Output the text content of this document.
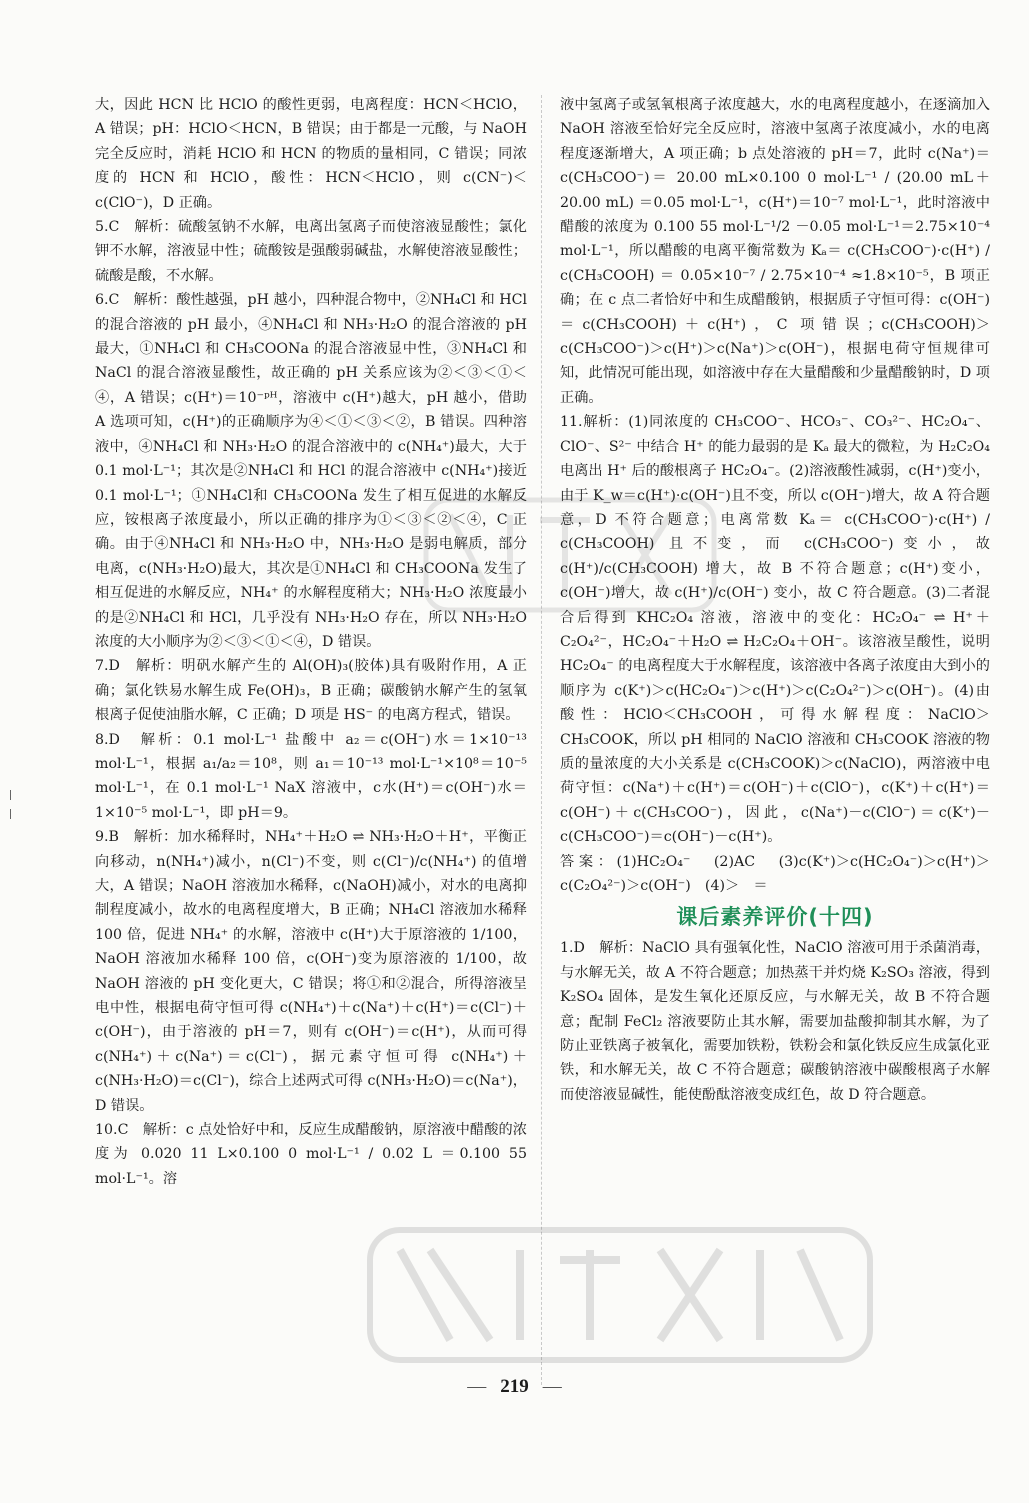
大，因此 HCN 比 HClO 的酸性更弱，电离程度：HCN＜HClO，A 错误；pH：HClO＜HCN，B 错误；由于都是一元酸，与 NaOH 完全反应时，消耗 HClO 和 HCN 的物质的量相同，C 错误；同浓度的 HCN 和 HClO，酸性：HCN＜HClO，则 c(CN⁻)＜c(ClO⁻)，D 正确。

5.C　解析：硫酸氢钠不水解，电离出氢离子而使溶液显酸性；氯化钾不水解，溶液显中性；硫酸铵是强酸弱碱盐，水解使溶液显酸性；硫酸是酸，不水解。

6.C　解析：酸性越强，pH 越小，四种混合物中，②NH₄Cl 和 HCl 的混合溶液的 pH 最小，④NH₄Cl 和 NH₃·H₂O 的混合溶液的 pH 最大，①NH₄Cl 和 CH₃COONa 的混合溶液显中性，③NH₄Cl 和 NaCl 的混合溶液显酸性，故正确的 pH 关系应该为②＜③＜①＜④，A 错误；c(H⁺)＝10⁻ᵖᴴ，溶液中 c(H⁺)越大，pH 越小，借助 A 选项可知，c(H⁺)的正确顺序为④＜①＜③＜②，B 错误。四种溶液中，④NH₄Cl 和 NH₃·H₂O 的混合溶液中的 c(NH₄⁺)最大，大于 0.1 mol·L⁻¹；其次是②NH₄Cl 和 HCl 的混合溶液中 c(NH₄⁺)接近 0.1 mol·L⁻¹；①NH₄Cl和 CH₃COONa 发生了相互促进的水解反应，铵根离子浓度最小，所以正确的排序为①＜③＜②＜④，C 正确。由于④NH₄Cl 和 NH₃·H₂O 中，NH₃·H₂O 是弱电解质，部分电离，c(NH₃·H₂O)最大，其次是①NH₄Cl 和 CH₃COONa 发生了相互促进的水解反应，NH₄⁺ 的水解程度稍大；NH₃·H₂O 浓度最小的是②NH₄Cl 和 HCl，几乎没有 NH₃·H₂O 存在，所以 NH₃·H₂O 浓度的大小顺序为②＜③＜①＜④，D 错误。

7.D　解析：明矾水解产生的 Al(OH)₃(胶体)具有吸附作用，A 正确；氯化铁易水解生成 Fe(OH)₃，B 正确；碳酸钠水解产生的氢氧根离子促使油脂水解，C 正确；D 项是 HS⁻ 的电离方程式，错误。

8.D　解析：0.1 mol·L⁻¹ 盐酸中 a₂＝c(OH⁻)水＝1×10⁻¹³ mol·L⁻¹，根据 a₁/a₂＝10⁸，则 a₁＝10⁻¹³ mol·L⁻¹×10⁸＝10⁻⁵ mol·L⁻¹，在 0.1 mol·L⁻¹ NaX 溶液中，c水(H⁺)＝c(OH⁻)水＝1×10⁻⁵ mol·L⁻¹，即 pH＝9。

9.B　解析：加水稀释时，NH₄⁺＋H₂O ⇌ NH₃·H₂O＋H⁺，平衡正向移动，n(NH₄⁺)减小，n(Cl⁻)不变，则 c(Cl⁻)/c(NH₄⁺) 的值增大，A 错误；NaOH 溶液加水稀释，c(NaOH)减小，对水的电离抑制程度减小，故水的电离程度增大，B 正确；NH₄Cl 溶液加水稀释 100 倍，促进 NH₄⁺ 的水解，溶液中 c(H⁺)大于原溶液的 1/100，NaOH 溶液加水稀释 100 倍，c(OH⁻)变为原溶液的 1/100，故 NaOH 溶液的 pH 变化更大，C 错误；将①和②混合，所得溶液呈电中性，根据电荷守恒可得 c(NH₄⁺)＋c(Na⁺)＋c(H⁺)＝c(Cl⁻)＋c(OH⁻)，由于溶液的 pH＝7，则有 c(OH⁻)＝c(H⁺)，从而可得 c(NH₄⁺)＋c(Na⁺)＝c(Cl⁻)，据元素守恒可得 c(NH₄⁺)＋c(NH₃·H₂O)＝c(Cl⁻)，综合上述两式可得 c(NH₃·H₂O)＝c(Na⁺)，D 错误。

10.C　解析：c 点处恰好中和，反应生成醋酸钠，原溶液中醋酸的浓度为 0.020 11 L×0.100 0 mol·L⁻¹ / 0.02 L ＝0.100 55 mol·L⁻¹。溶

液中氢离子或氢氧根离子浓度越大，水的电离程度越小，在逐滴加入 NaOH 溶液至恰好完全反应时，溶液中氢离子浓度减小，水的电离程度逐渐增大，A 项正确；b 点处溶液的 pH＝7，此时 c(Na⁺)＝c(CH₃COO⁻)＝ 20.00 mL×0.100 0 mol·L⁻¹ / (20.00 mL＋20.00 mL) ＝0.05 mol·L⁻¹，c(H⁺)＝10⁻⁷ mol·L⁻¹，此时溶液中醋酸的浓度为 0.100 55 mol·L⁻¹/2 －0.05 mol·L⁻¹＝2.75×10⁻⁴ mol·L⁻¹，所以醋酸的电离平衡常数为 Kₐ＝ c(CH₃COO⁻)·c(H⁺) / c(CH₃COOH) ＝ 0.05×10⁻⁷ / 2.75×10⁻⁴ ≈1.8×10⁻⁵，B 项正确；在 c 点二者恰好中和生成醋酸钠，根据质子守恒可得：c(OH⁻)＝c(CH₃COOH)＋c(H⁺)，C 项错误；c(CH₃COOH)＞c(CH₃COO⁻)＞c(H⁺)＞c(Na⁺)＞c(OH⁻)，根据电荷守恒规律可知，此情况可能出现，如溶液中存在大量醋酸和少量醋酸钠时，D 项正确。

11.解析：(1)同浓度的 CH₃COO⁻、HCO₃⁻、CO₃²⁻、HC₂O₄⁻、ClO⁻、S²⁻ 中结合 H⁺ 的能力最弱的是 Kₐ 最大的微粒，为 H₂C₂O₄ 电离出 H⁺ 后的酸根离子 HC₂O₄⁻。(2)溶液酸性减弱，c(H⁺)变小，由于 K_w＝c(H⁺)·c(OH⁻)且不变，所以 c(OH⁻)增大，故 A 符合题意，D 不符合题意；电离常数 Kₐ＝ c(CH₃COO⁻)·c(H⁺) / c(CH₃COOH) 且不变，而 c(CH₃COO⁻)变小，故 c(H⁺)/c(CH₃COOH) 增大，故 B 不符合题意；c(H⁺)变小，c(OH⁻)增大，故 c(H⁺)/c(OH⁻) 变小，故 C 符合题意。(3)二者混合后得到 KHC₂O₄ 溶液，溶液中的变化：HC₂O₄⁻ ⇌ H⁺＋C₂O₄²⁻，HC₂O₄⁻＋H₂O ⇌ H₂C₂O₄＋OH⁻。该溶液呈酸性，说明 HC₂O₄⁻ 的电离程度大于水解程度，该溶液中各离子浓度由大到小的顺序为 c(K⁺)＞c(HC₂O₄⁻)＞c(H⁺)＞c(C₂O₄²⁻)＞c(OH⁻)。(4)由酸性：HClO＜CH₃COOH，可得水解程度：NaClO＞CH₃COOK，所以 pH 相同的 NaClO 溶液和 CH₃COOK 溶液的物质的量浓度的大小关系是 c(CH₃COOK)＞c(NaClO)，两溶液中电荷守恒：c(Na⁺)＋c(H⁺)＝c(OH⁻)＋c(ClO⁻)，c(K⁺)＋c(H⁺)＝c(OH⁻)＋c(CH₃COO⁻)，因此，c(Na⁺)－c(ClO⁻)＝c(K⁺)－c(CH₃COO⁻)＝c(OH⁻)－c(H⁺)。

答案：(1)HC₂O₄⁻　(2)AC　(3)c(K⁺)＞c(HC₂O₄⁻)＞c(H⁺)＞c(C₂O₄²⁻)＞c(OH⁻)　(4)＞　＝

课后素养评价(十四)

1.D　解析：NaClO 具有强氧化性，NaClO 溶液可用于杀菌消毒，与水解无关，故 A 不符合题意；加热蒸干并灼烧 K₂SO₃ 溶液，得到 K₂SO₄ 固体，是发生氧化还原反应，与水解无关，故 B 不符合题意；配制 FeCl₂ 溶液要防止其水解，需要加盐酸抑制其水解，为了防止亚铁离子被氧化，需要加铁粉，铁粉会和氯化铁反应生成氯化亚铁，和水解无关，故 C 不符合题意；碳酸钠溶液中碳酸根离子水解而使溶液显碱性，能使酚酞溶液变成红色，故 D 符合题意。

— 219 —
